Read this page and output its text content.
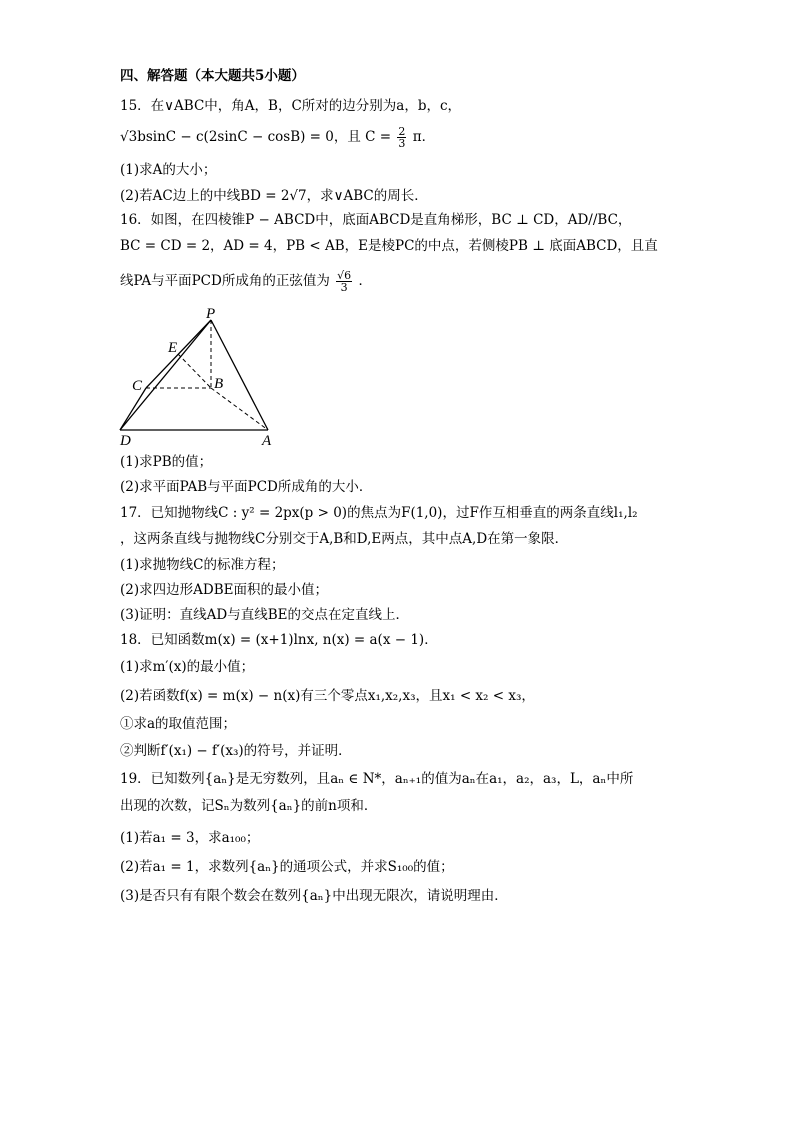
四、解答题（本大题共5小题）
15．在∨ABC中，角A，B，C所对的边分别为a，b，c，
√3bsinC − c(2sinC − cosB) = 0，且 $C = \frac{2}{3}$ π．
(1)求A的大小；
(2)若AC边上的中线BD = 2√7，求∨ABC的周长．
16．如图，在四棱锥P − ABCD中，底面ABCD是直角梯形，BC ⊥ CD，AD//BC，
BC = CD = 2，AD = 4，PB < AB，E是棱PC的中点，若侧棱PB ⊥ 底面ABCD，且直
线PA与平面PCD所成角的正弦值为 $\frac{√6}{3}$ ．
P
E
C	B
D	A
(1)求PB的值；
(2)求平面PAB与平面PCD所成角的大小．
17．已知抛物线C : y² = 2px(p > 0)的焦点为F(1,0)，过F作互相垂直的两条直线l₁,l₂
，这两条直线与抛物线C分别交于A,B和D,E两点，其中点A,D在第一象限．
(1)求抛物线C的标准方程；
(2)求四边形ADBE面积的最小值；
(3)证明：直线AD与直线BE的交点在定直线上．
18．已知函数m(x) = (x+1)lnx, n(x) = a(x − 1)．
(1)求m′(x)的最小值；
(2)若函数f(x) = m(x) − n(x)有三个零点x₁,x₂,x₃，且x₁ < x₂ < x₃，
①求a的取值范围；
②判断f′(x₁) − f′(x₃)的符号，并证明．
19．已知数列{aₙ}是无穷数列，且aₙ ∈ N*，aₙ₊₁的值为aₙ在a₁，a₂，a₃，L，aₙ中所
出现的次数，记Sₙ为数列{aₙ}的前n项和．
(1)若a₁ = 3，求a₁₀₀；
(2)若a₁ = 1，求数列{aₙ}的通项公式，并求S₁₀₀的值；
(3)是否只有有限个数会在数列{aₙ}中出现无限次，请说明理由．
